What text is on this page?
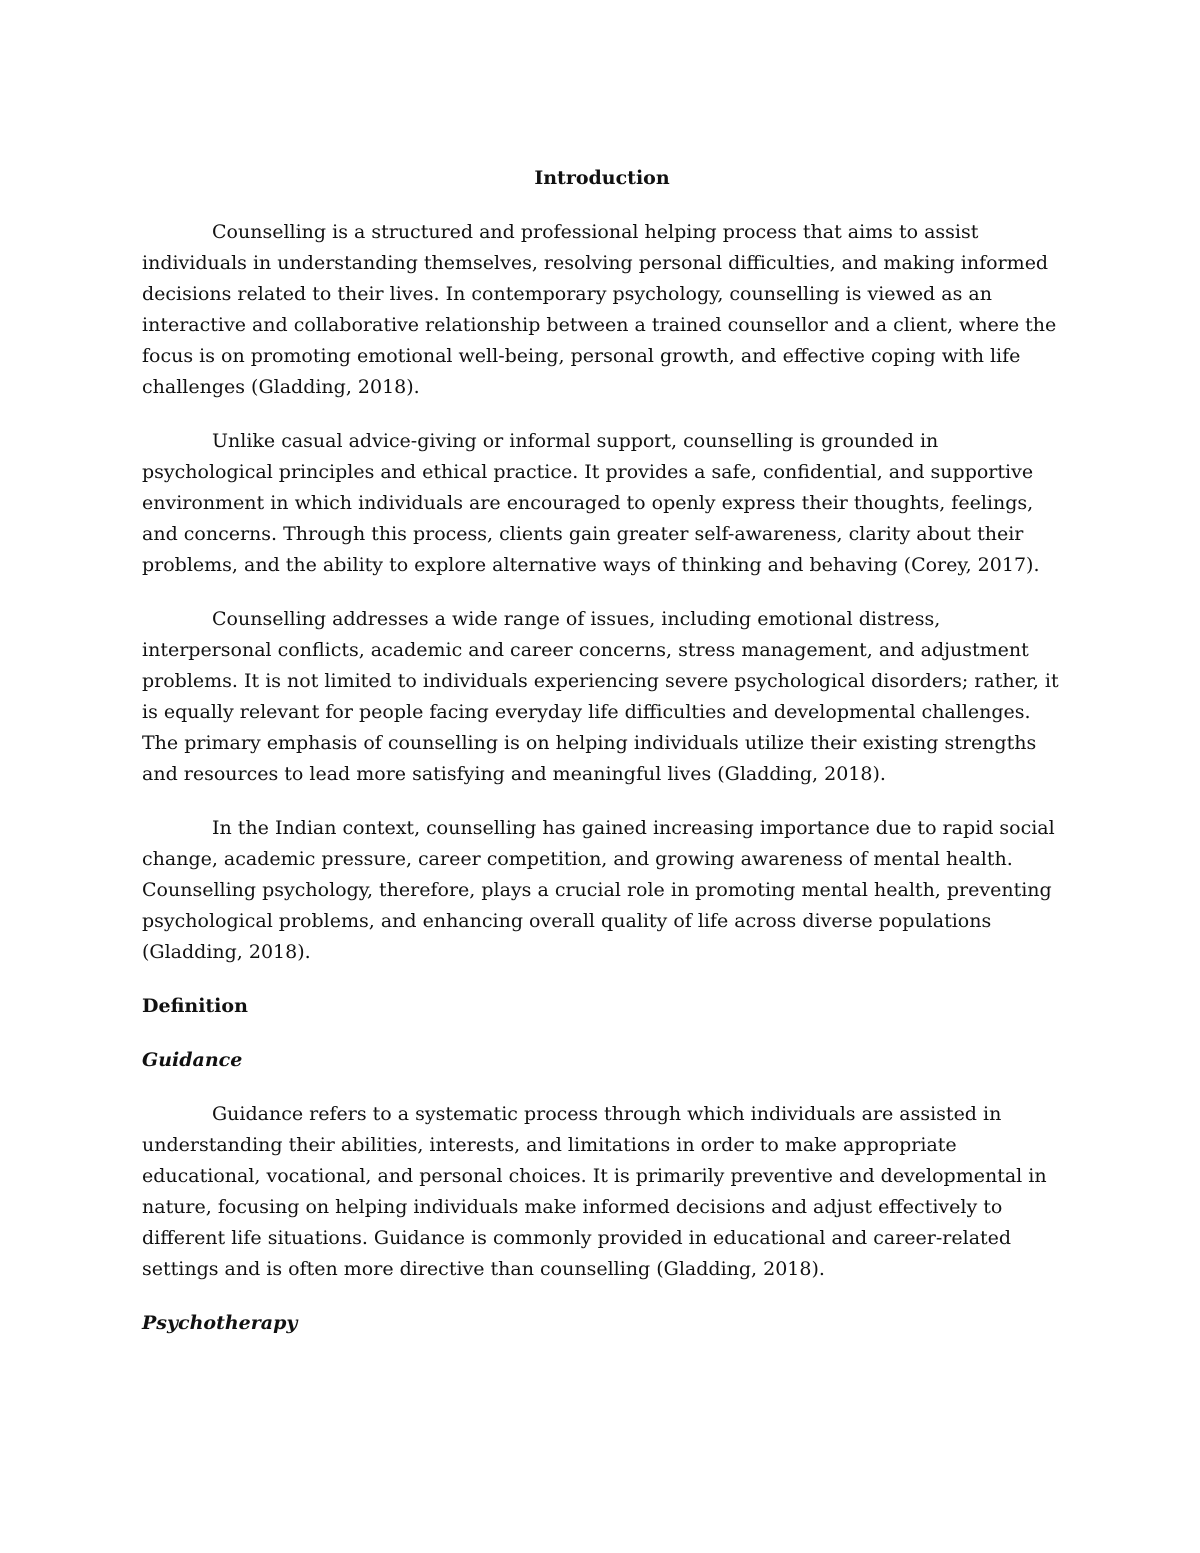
Introduction

Counselling is a structured and professional helping process that aims to assist individuals in understanding themselves, resolving personal difficulties, and making informed decisions related to their lives. In contemporary psychology, counselling is viewed as an interactive and collaborative relationship between a trained counsellor and a client, where the focus is on promoting emotional well-being, personal growth, and effective coping with life challenges (Gladding, 2018).

Unlike casual advice-giving or informal support, counselling is grounded in psychological principles and ethical practice. It provides a safe, confidential, and supportive environment in which individuals are encouraged to openly express their thoughts, feelings, and concerns. Through this process, clients gain greater self-awareness, clarity about their problems, and the ability to explore alternative ways of thinking and behaving (Corey, 2017).

Counselling addresses a wide range of issues, including emotional distress, interpersonal conflicts, academic and career concerns, stress management, and adjustment problems. It is not limited to individuals experiencing severe psychological disorders; rather, it is equally relevant for people facing everyday life difficulties and developmental challenges. The primary emphasis of counselling is on helping individuals utilize their existing strengths and resources to lead more satisfying and meaningful lives (Gladding, 2018).

In the Indian context, counselling has gained increasing importance due to rapid social change, academic pressure, career competition, and growing awareness of mental health. Counselling psychology, therefore, plays a crucial role in promoting mental health, preventing psychological problems, and enhancing overall quality of life across diverse populations (Gladding, 2018).

Definition
Guidance

Guidance refers to a systematic process through which individuals are assisted in understanding their abilities, interests, and limitations in order to make appropriate educational, vocational, and personal choices. It is primarily preventive and developmental in nature, focusing on helping individuals make informed decisions and adjust effectively to different life situations. Guidance is commonly provided in educational and career-related settings and is often more directive than counselling (Gladding, 2018).

Psychotherapy
